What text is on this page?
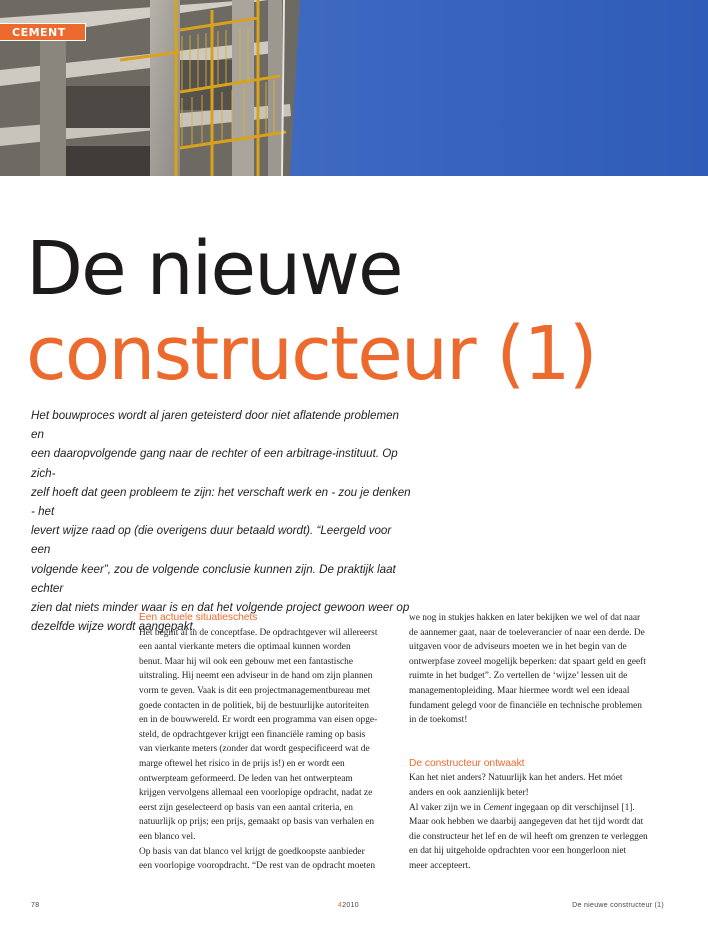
CEMENT
De nieuwe
constructeur (1)
Het bouwproces wordt al jaren geteisterd door niet aflatende problemen en
een daaropvolgende gang naar de rechter of een arbitrage-instituut. Op zich-
zelf hoeft dat geen probleem te zijn: het verschaft werk en - zou je denken - het
levert wijze raad op (die overigens duur betaald wordt). “Leergeld voor een
volgende keer”, zou de volgende conclusie kunnen zijn. De praktijk laat echter
zien dat niets minder waar is en dat het volgende project gewoon weer op
dezelfde wijze wordt aangepakt.
Een actuele situatieschets
Het begint al in de conceptfase. De opdrachtgever wil allereerst
een aantal vierkante meters die optimaal kunnen worden
benut. Maar hij wil ook een gebouw met een fantastische
uitstraling. Hij neemt een adviseur in de hand om zijn plannen
vorm te geven. Vaak is dit een projectmanagementbureau met
goede contacten in de politiek, bij de bestuurlijke autoriteiten
en in de bouwwereld. Er wordt een programma van eisen opge-
steld, de opdrachtgever krijgt een financiële raming op basis
van vierkante meters (zonder dat wordt gespecificeerd wat de
marge oftewel het risico in de prijs is!) en er wordt een
ontwerpteam geformeerd. De leden van het ontwerpteam
krijgen vervolgens allemaal een voorlopige opdracht, nadat ze
eerst zijn geselecteerd op basis van een aantal criteria, en
natuurlijk op prijs; een prijs, gemaakt op basis van verhalen en
een blanco vel.
Op basis van dat blanco vel krijgt de goedkoopste aanbieder
een voorlopige vooropdracht. “De rest van de opdracht moeten
we nog in stukjes hakken en later bekijken we wel of dat naar
de aannemer gaat, naar de toeleverancier of naar een derde. De
uitgaven voor de adviseurs moeten we in het begin van de
ontwerpfase zoveel mogelijk beperken: dat spaart geld en geeft
ruimte in het budget”. Zo vertellen de ‘wijze’ lessen uit de
managementopleiding. Maar hiermee wordt wel een ideaal
fundament gelegd voor de financiële en technische problemen
in de toekomst!
De constructeur ontwaakt
Kan het niet anders? Natuurlijk kan het anders. Het móet
anders en ook aanzienlijk beter!
Al vaker zijn we in Cement ingegaan op dit verschijnsel [1].
Maar ook hebben we daarbij aangegeven dat het tijd wordt dat
die constructeur het lef en de wil heeft om grenzen te verleggen
en dat hij uitgeholde opdrachten voor een hongerloon niet
meer accepteert.
78	42010	De nieuwe constructeur (1)
